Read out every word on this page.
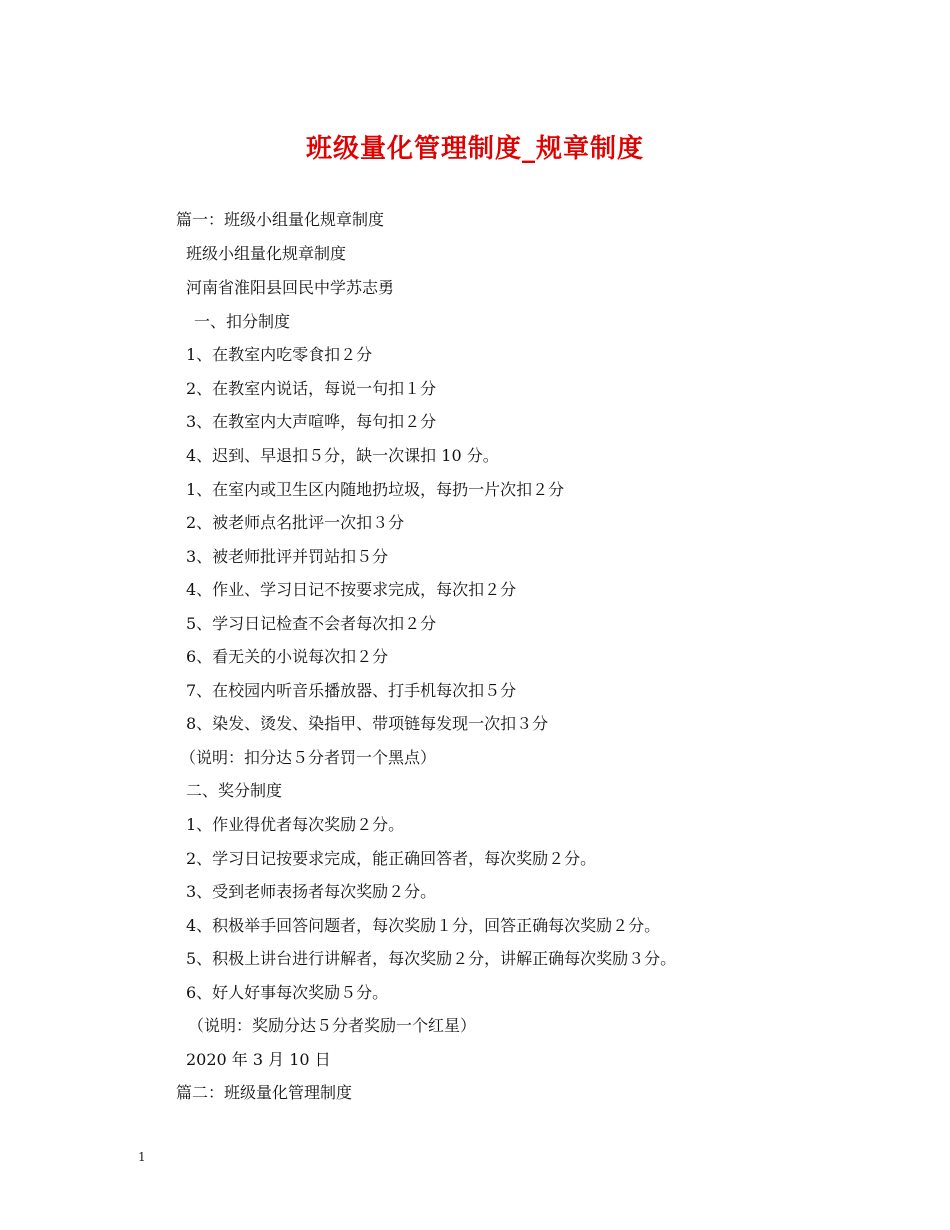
班级量化管理制度_规章制度
篇一：班级小组量化规章制度
班级小组量化规章制度
河南省淮阳县回民中学苏志勇
一、扣分制度
1、在教室内吃零食扣２分
2、在教室内说话，每说一句扣１分
3、在教室内大声喧哗，每句扣２分
4、迟到、早退扣５分，缺一次课扣 10 分。
1、在室内或卫生区内随地扔垃圾，每扔一片次扣２分
2、被老师点名批评一次扣３分
3、被老师批评并罚站扣５分
4、作业、学习日记不按要求完成，每次扣２分
5、学习日记检查不会者每次扣２分
6、看无关的小说每次扣２分
7、在校园内听音乐播放器、打手机每次扣５分
8、染发、烫发、染指甲、带项链每发现一次扣３分
（说明：扣分达５分者罚一个黑点）
二、奖分制度
1、作业得优者每次奖励２分。
2、学习日记按要求完成，能正确回答者，每次奖励２分。
3、受到老师表扬者每次奖励２分。
4、积极举手回答问题者，每次奖励１分，回答正确每次奖励２分。
5、积极上讲台进行讲解者，每次奖励２分，讲解正确每次奖励３分。
6、好人好事每次奖励５分。
（说明：奖励分达５分者奖励一个红星）
2020 年 3 月 10 日
篇二：班级量化管理制度
1
